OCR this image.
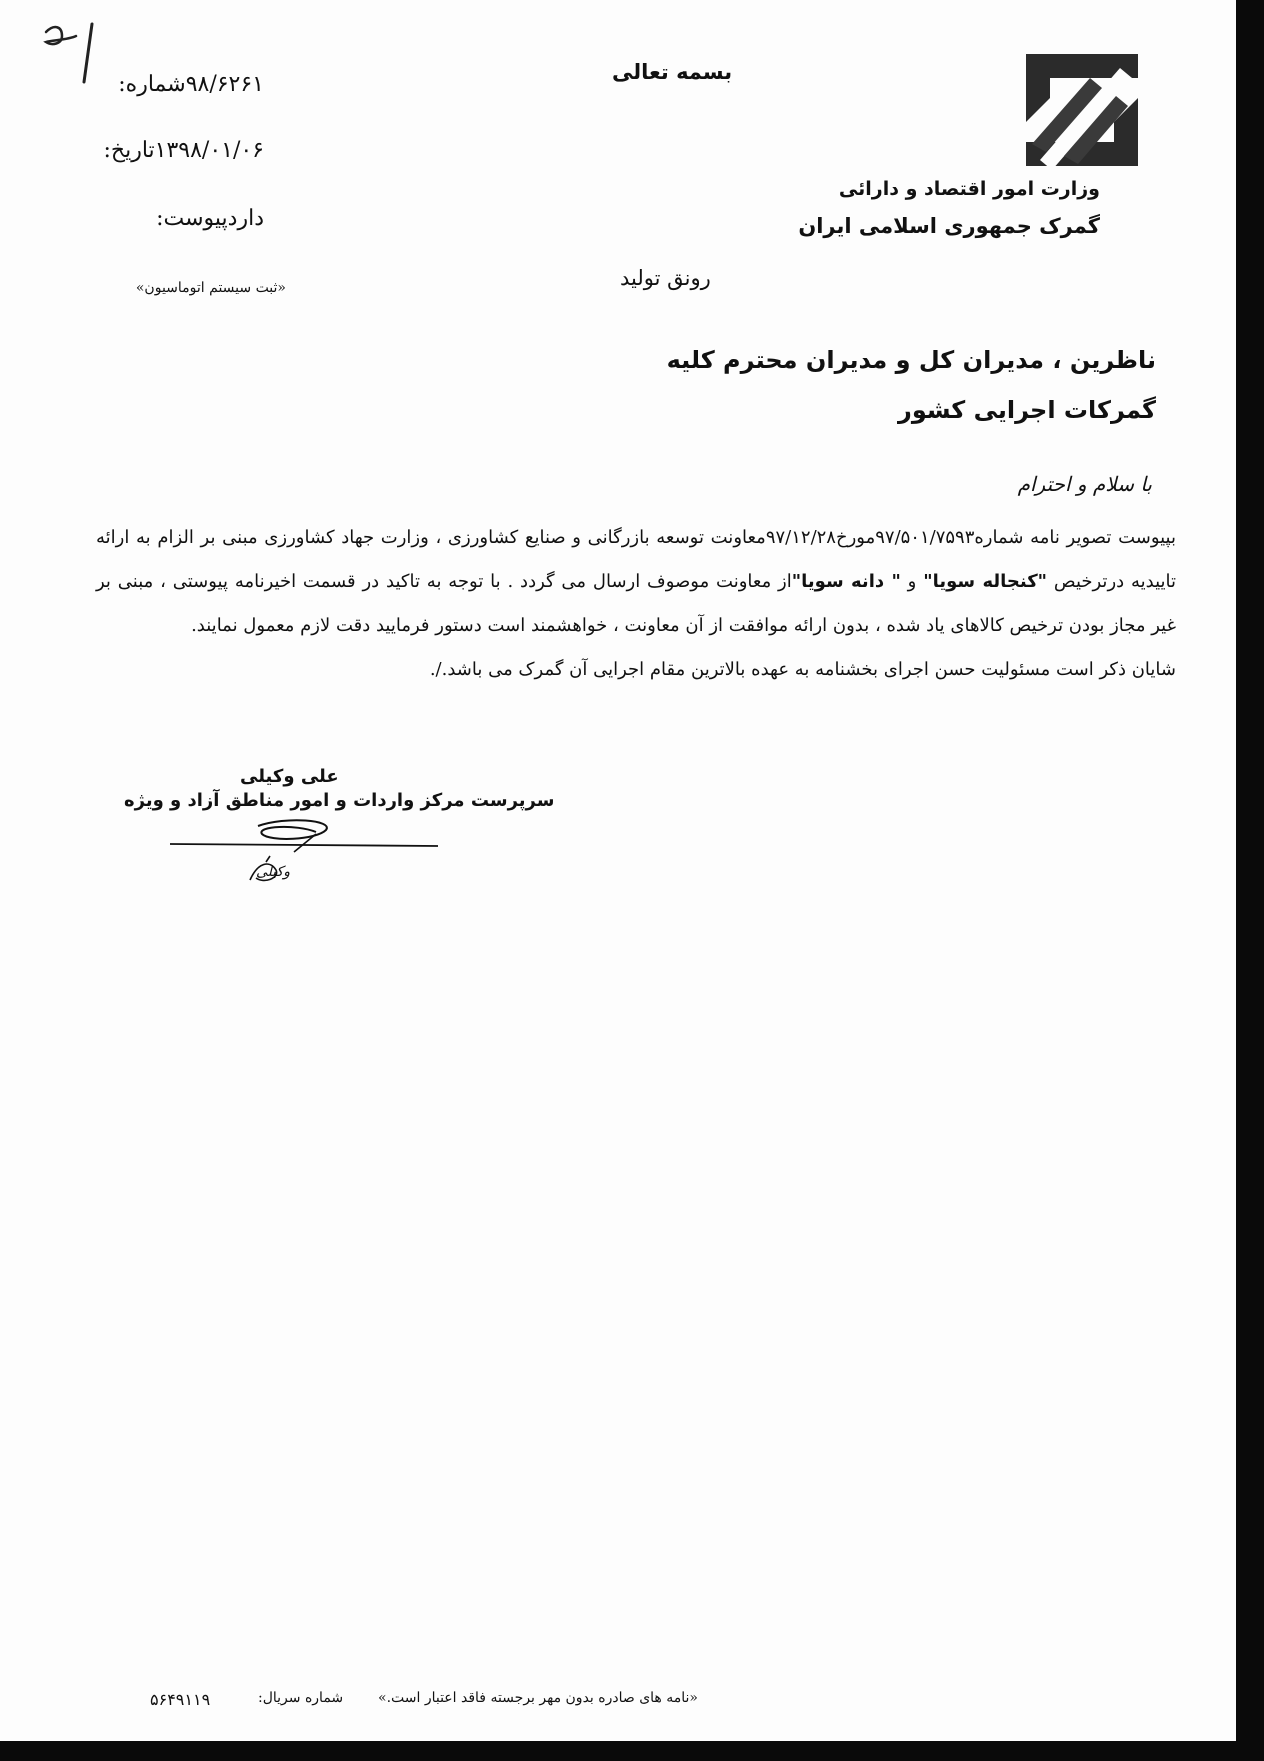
وزارت امور اقتصاد و دارائی
گمرک جمهوری اسلامی ایران
بسمه تعالی
رونق تولید
شماره:۹۸/۶۲۶۱
تاریخ:۱۳۹۸/۰۱/۰۶
پیوست:دارد
«ثبت سیستم اتوماسیون»
ناظرین ، مدیران کل و مدیران محترم کلیه
گمرکات اجرایی کشور
با سلام و احترام
بپیوست تصویر نامه شماره۹۷/۵۰۱/۷۵۹۳مورخ۹۷/۱۲/۲۸معاونت توسعه بازرگانی و صنایع کشاورزی ، وزارت جهاد کشاورزی مبنی بر الزام به ارائه تاییدیه درترخیص "کنجاله سویا" و " دانه سویا"از معاونت موصوف ارسال می گردد . با توجه به تاکید در قسمت اخیرنامه پیوستی ، مبنی بر غیر مجاز بودن ترخیص کالاهای یاد شده ، بدون ارائه موافقت از آن معاونت ، خواهشمند است دستور فرمایید دقت لازم معمول نمایند.
شایان ذکر است مسئولیت حسن اجرای بخشنامه به عهده بالاترین مقام اجرایی آن گمرک می باشد./.
علی وکیلی
سرپرست مرکز واردات و امور مناطق آزاد و ویژه
وکیلی
«نامه های صادره بدون مهر برجسته فاقد اعتبار است.»
شماره سریال:
۵۶۴۹۱۱۹
